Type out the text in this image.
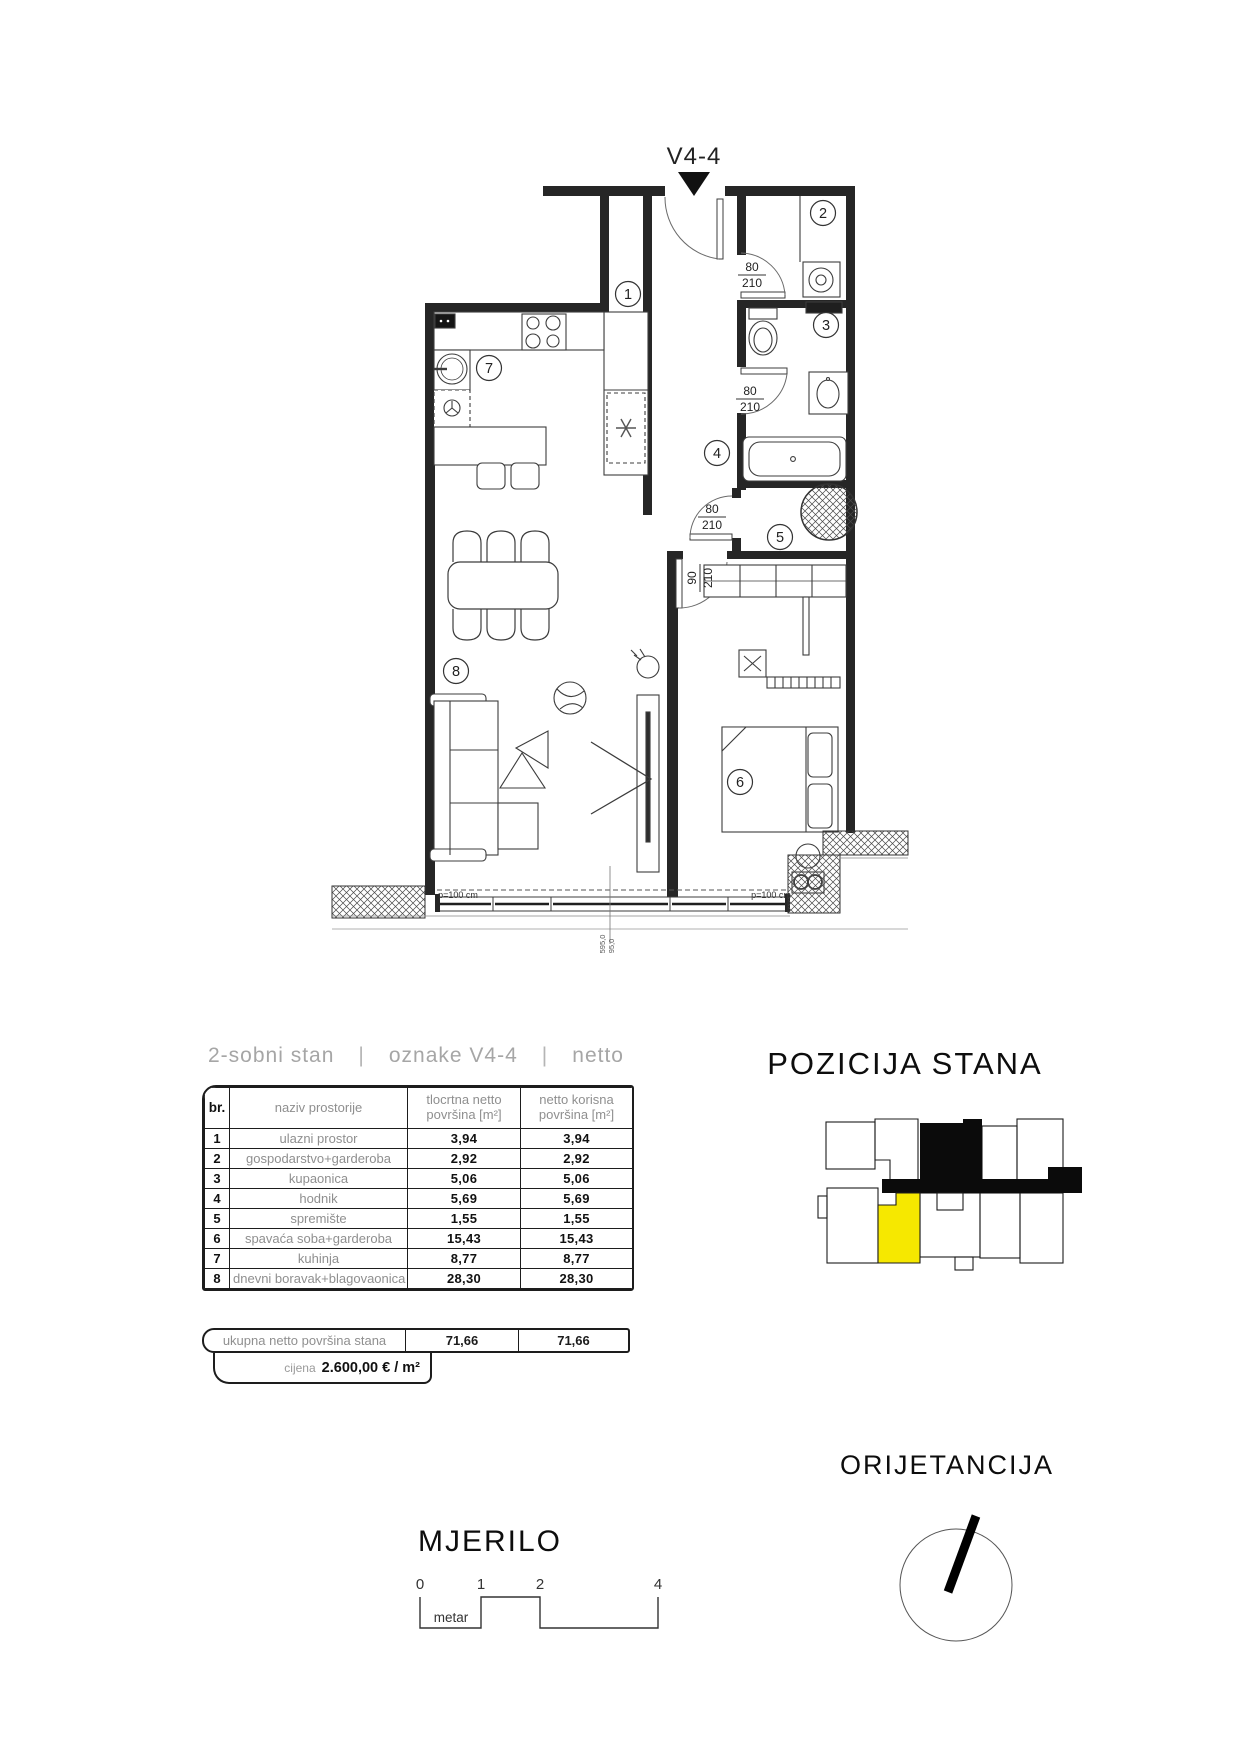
V4-4
80
210
80
210
80
210
90 210
p=100 cm	p=100 cm
595,0 95,0
1
2
3
4
5
6
7
8
0	1	2	4
metar
2-sobni stan | oznake V4-4 | netto
br.	naziv prostorije	tlocrtna netto površina [m²]	netto korisna površina [m²]
1	ulazni prostor	3,94	3,94
2	gospodarstvo+garderoba	2,92	2,92
3	kupaonica	5,06	5,06
4	hodnik	5,69	5,69
5	spremište	1,55	1,55
6	spavaća soba+garderoba	15,43	15,43
7	kuhinja	8,77	8,77
8	dnevni boravak+blagovaonica	28,30	28,30
ukupna netto površina stana	71,66	71,66
cijena 2.600,00 € / m²
POZICIJA STANA
MJERILO
ORIJETANCIJA
